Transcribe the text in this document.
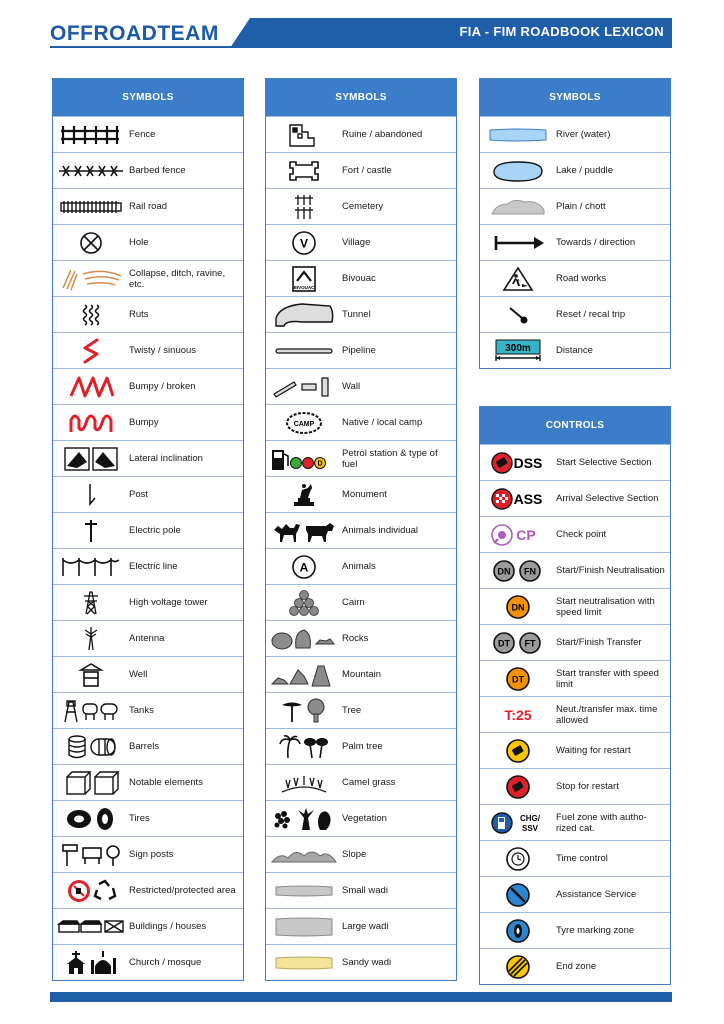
OFFROADTEAM	FIA - FIM ROADBOOK LEXICON
SYMBOLS
Fence
Barbed fence
Rail road
Hole
Collapse, ditch, ravine, etc.
Ruts
Twisty / sinuous
Bumpy / broken
Bumpy
Lateral inclination
Post
Electric pole
Electric line
High voltage tower
Antenna
Well
Tanks
Barrels
Notable elements
Tires
Sign posts
Restricted/protected area
Buildings / houses
Church / mosque
SYMBOLS
Ruine / abandoned
Fort / castle
Cemetery
V	Village
BIVOUAC
Bivouac
Tunnel
Pipeline
Wall
CAMP	Native / local camp
D
Petrol station & type of fuel
Monument
Animals individual
A	Animals
Cairn
Rocks
Mountain
Tree
Palm tree
Camel grass
Vegetation
Slope
Small wadi
Large wadi
Sandy wadi
SYMBOLS
River (water)
Lake / puddle
Plain / chott
Towards / direction
Road works
Reset / recal trip
300m	Distance
CONTROLS
DSS Start Selective Section
ASS Arrival Selective Section
CP Check point
DN FN Start/Finish Neutralisation
DN
Start neutralisation with speed limit
DT FT Start/Finish Transfer
DT
Start transfer with speed limit
T:25	Neut./transfer max. time allowed
Waiting for restart
Stop for restart
CHG/
SSV
Fuel zone with autho-rized cat.
Time control
Assistance Service
Tyre marking zone
End zone
